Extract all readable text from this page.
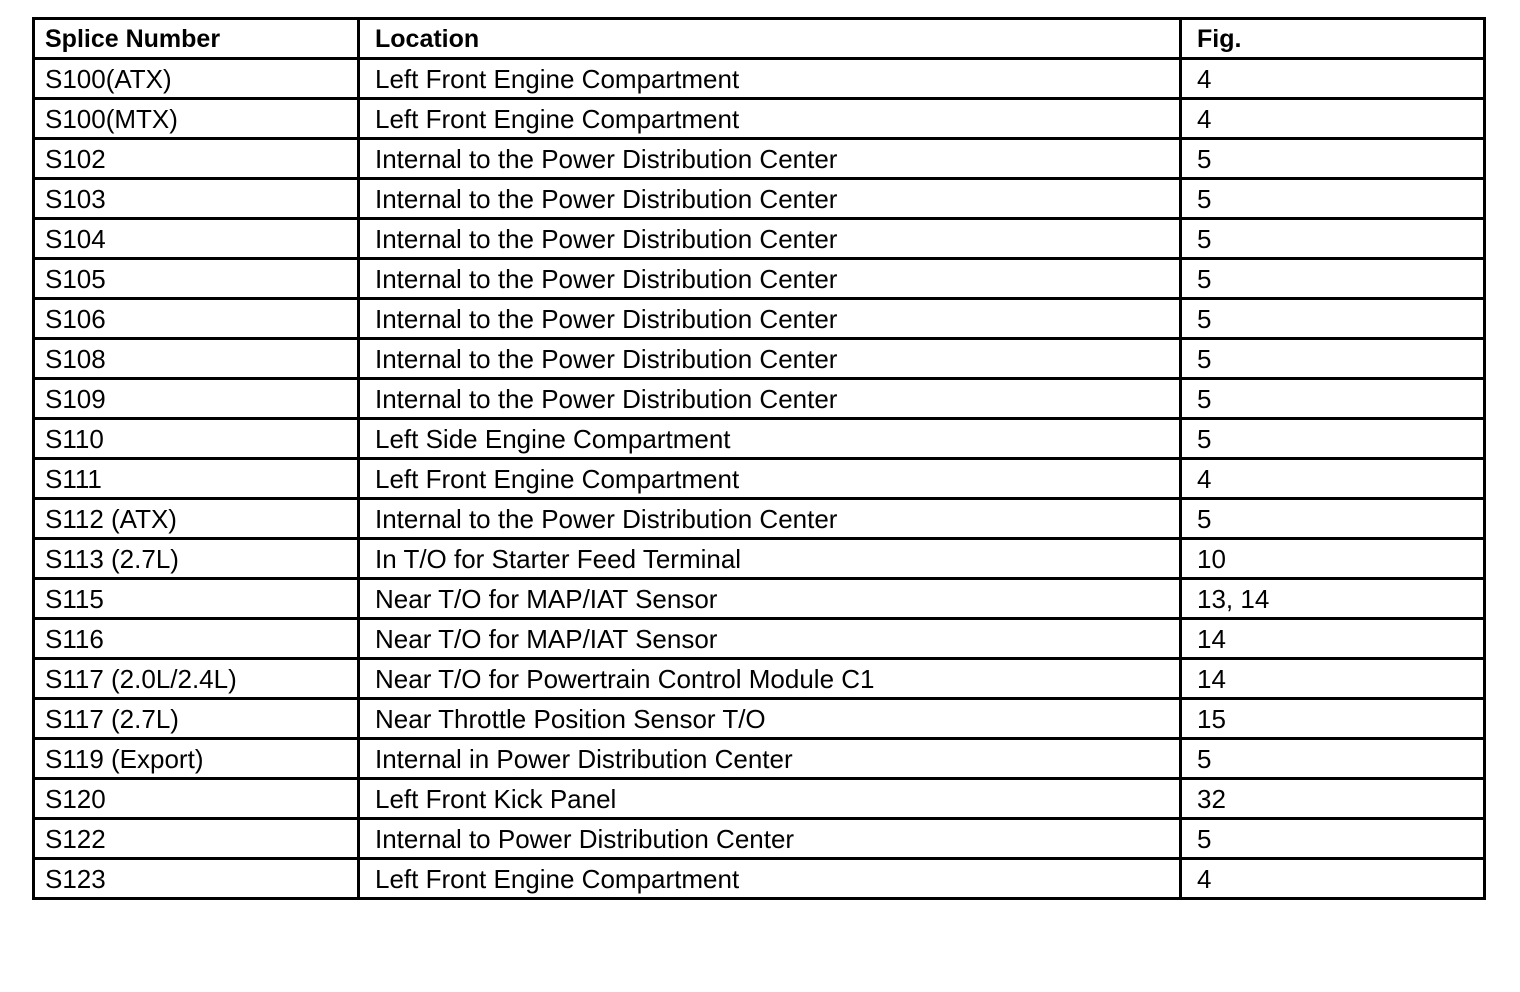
Splice Number	Location	Fig.
S100(ATX)	Left Front Engine Compartment	4
S100(MTX)	Left Front Engine Compartment	4
S102	Internal to the Power Distribution Center	5
S103	Internal to the Power Distribution Center	5
S104	Internal to the Power Distribution Center	5
S105	Internal to the Power Distribution Center	5
S106	Internal to the Power Distribution Center	5
S108	Internal to the Power Distribution Center	5
S109	Internal to the Power Distribution Center	5
S110	Left Side Engine Compartment	5
S111	Left Front Engine Compartment	4
S112 (ATX)	Internal to the Power Distribution Center	5
S113 (2.7L)	In T/O for Starter Feed Terminal	10
S115	Near T/O for MAP/IAT Sensor	13, 14
S116	Near T/O for MAP/IAT Sensor	14
S117 (2.0L/2.4L)	Near T/O for Powertrain Control Module C1	14
S117 (2.7L)	Near Throttle Position Sensor T/O	15
S119 (Export)	Internal in Power Distribution Center	5
S120	Left Front Kick Panel	32
S122	Internal to Power Distribution Center	5
S123	Left Front Engine Compartment	4
